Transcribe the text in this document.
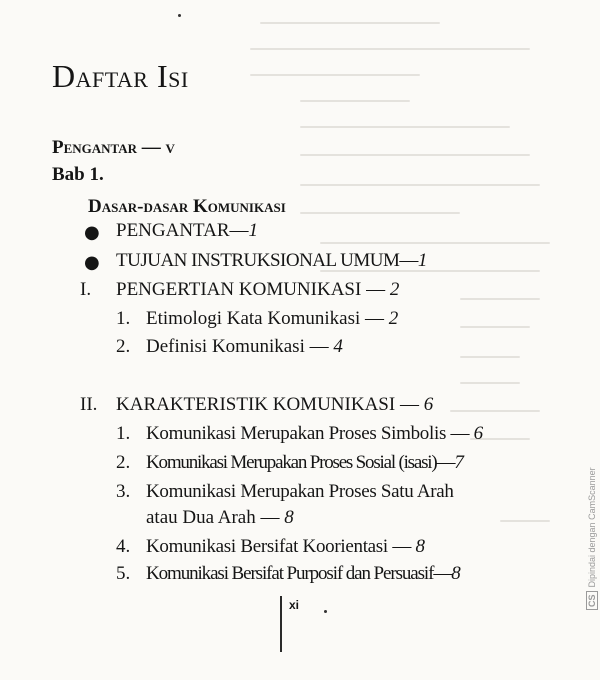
Daftar Isi
Pengantar — v
Bab 1.
Dasar-dasar Komunikasi
● PENGANTAR—1
● TUJUAN INSTRUKSIONAL UMUM—1
I. PENGERTIAN KOMUNIKASI — 2
1. Etimologi Kata Komunikasi — 2
2. Definisi Komunikasi — 4
II. KARAKTERISTIK KOMUNIKASI — 6
1. Komunikasi Merupakan Proses Simbolis — 6
2. Komunikasi Merupakan Proses Sosial (isasi)—7
3. Komunikasi Merupakan Proses Satu Arah
atau Dua Arah — 8
4. Komunikasi Bersifat Koorientasi — 8
5. Komunikasi Bersifat Purposif dan Persuasif—8
xi	CSDipindai dengan CamScanner
